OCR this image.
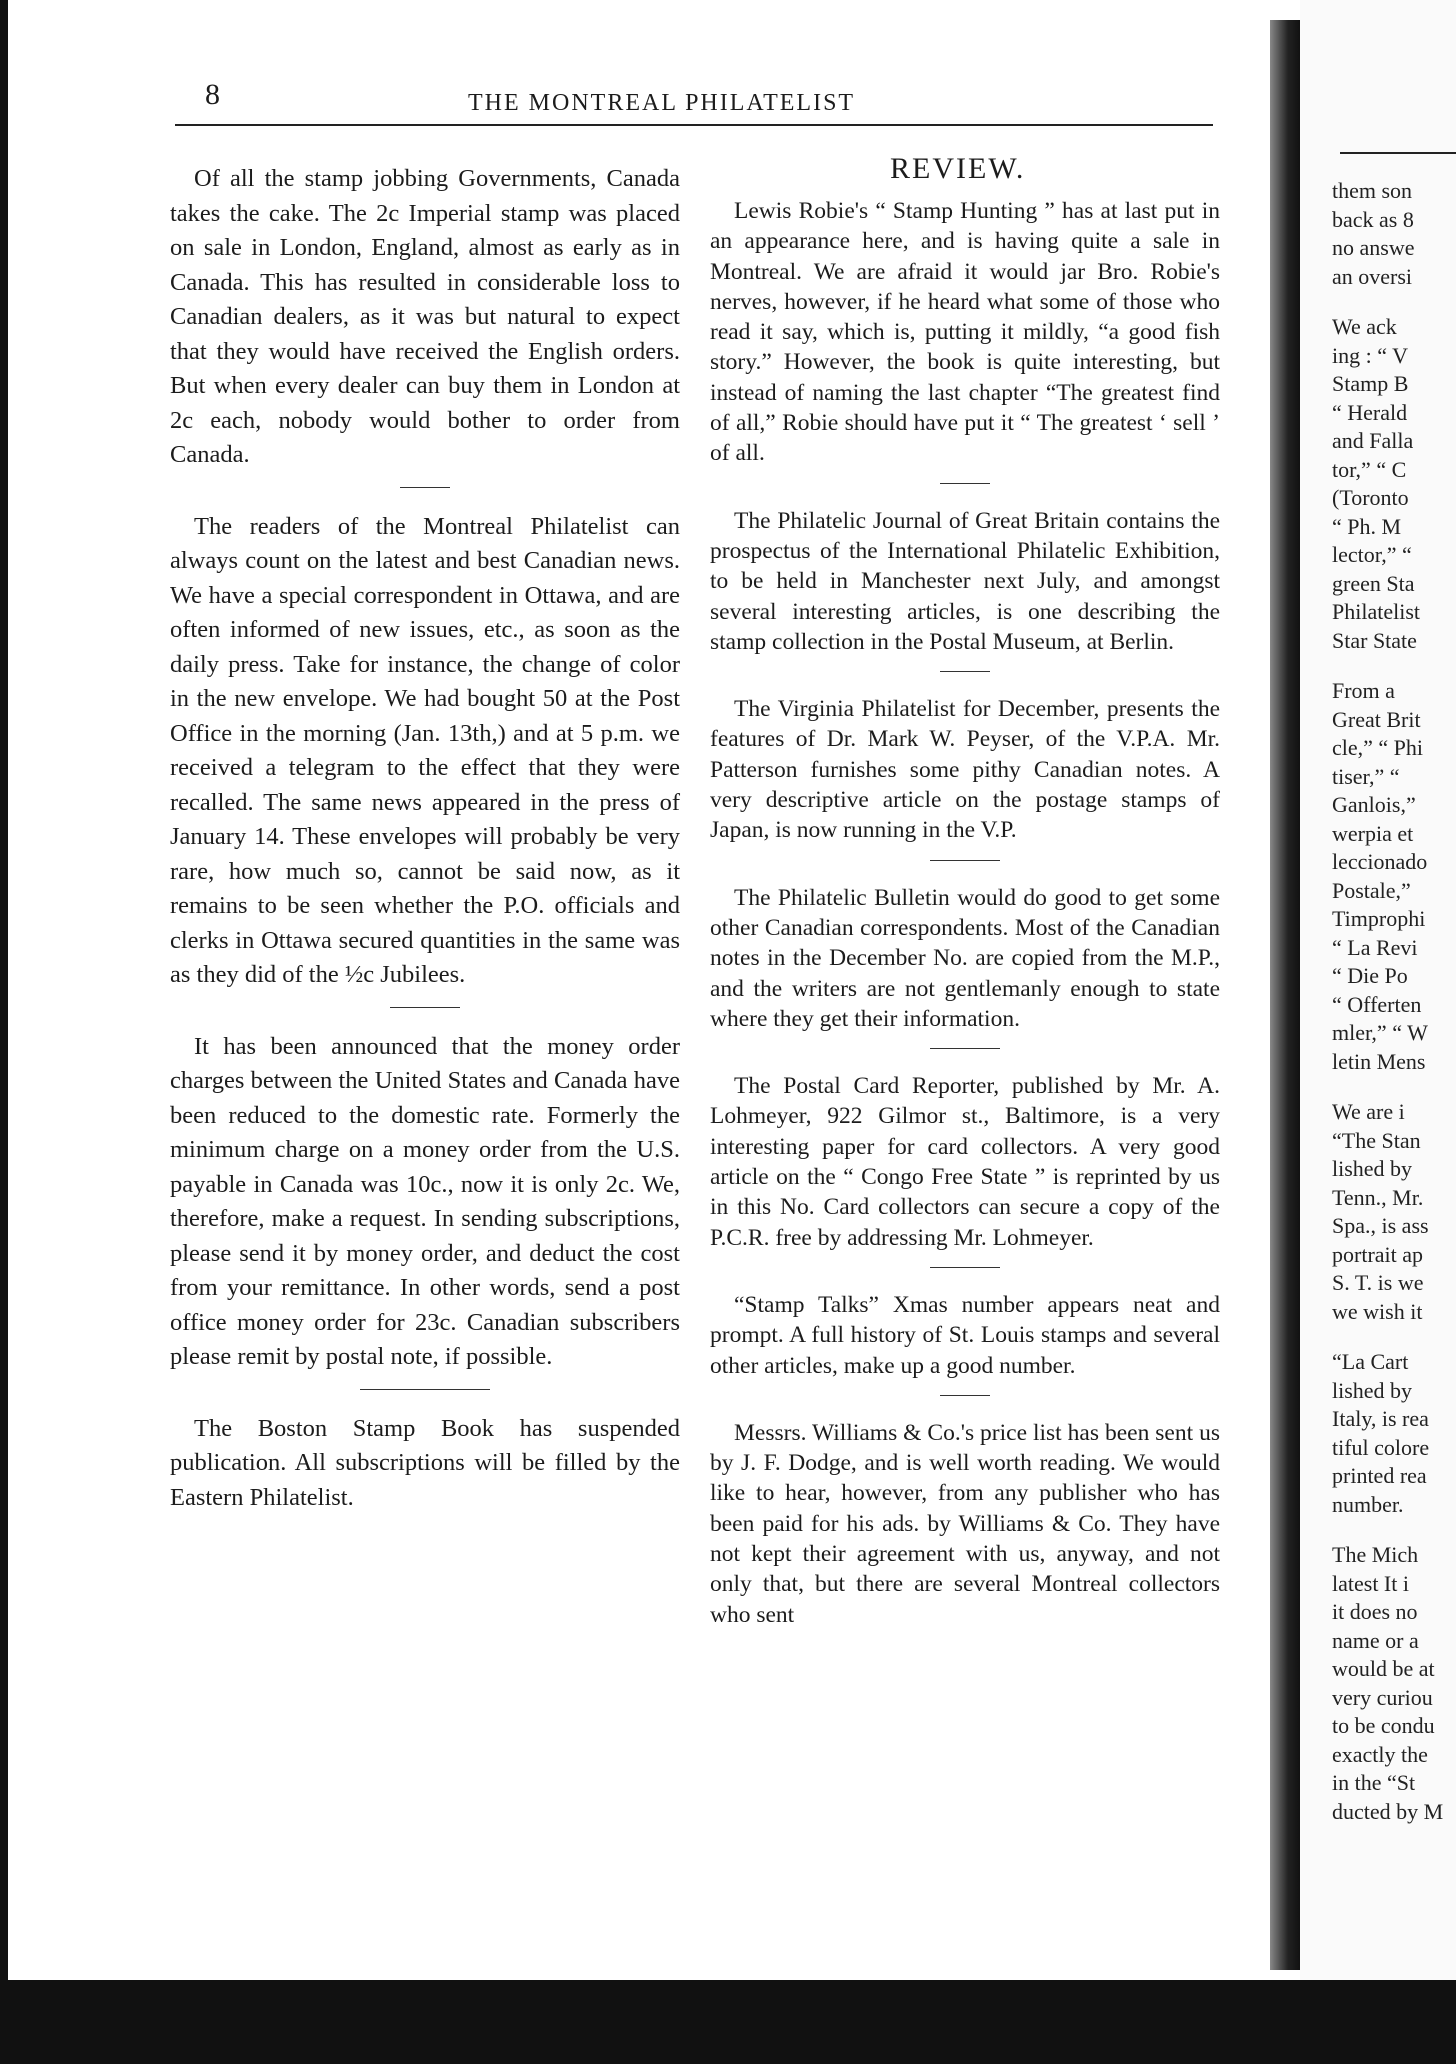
8	THE MONTREAL PHILATELIST

Of all the stamp jobbing Governments, Canada takes the cake. The 2c Imperial stamp was placed on sale in London, England, almost as early as in Canada. This has resulted in considerable loss to Canadian dealers, as it was but natural to expect that they would have received the English orders. But when every dealer can buy them in London at 2c each, nobody would bother to order from Canada.

The readers of the Montreal Philatelist can always count on the latest and best Canadian news. We have a special correspondent in Ottawa, and are often informed of new issues, etc., as soon as the daily press. Take for instance, the change of color in the new envelope. We had bought 50 at the Post Office in the morning (Jan. 13th,) and at 5 p.m. we received a telegram to the effect that they were recalled. The same news appeared in the press of January 14. These envelopes will probably be very rare, how much so, cannot be said now, as it remains to be seen whether the P.O. officials and clerks in Ottawa secured quantities in the same was as they did of the ½c Jubilees.

It has been announced that the money order charges between the United States and Canada have been reduced to the domestic rate. Formerly the minimum charge on a money order from the U.S. payable in Canada was 10c., now it is only 2c. We, therefore, make a request. In sending subscriptions, please send it by money order, and deduct the cost from your remittance. In other words, send a post office money order for 23c. Canadian subscribers please remit by postal note, if possible.

The Boston Stamp Book has suspended publication. All subscriptions will be filled by the Eastern Philatelist.

REVIEW.

Lewis Robie's “ Stamp Hunting ” has at last put in an appearance here, and is having quite a sale in Montreal. We are afraid it would jar Bro. Robie's nerves, however, if he heard what some of those who read it say, which is, putting it mildly, “a good fish story.” However, the book is quite interesting, but instead of naming the last chapter “The greatest find of all,” Robie should have put it “ The greatest ‘ sell ’ of all.

The Philatelic Journal of Great Britain contains the prospectus of the International Philatelic Exhibition, to be held in Manchester next July, and amongst several interesting articles, is one describing the stamp collection in the Postal Museum, at Berlin.

The Virginia Philatelist for December, presents the features of Dr. Mark W. Peyser, of the V.P.A. Mr. Patterson furnishes some pithy Canadian notes. A very descriptive article on the postage stamps of Japan, is now running in the V.P.

The Philatelic Bulletin would do good to get some other Canadian correspondents. Most of the Canadian notes in the December No. are copied from the M.P., and the writers are not gentlemanly enough to state where they get their information.

The Postal Card Reporter, published by Mr. A. Lohmeyer, 922 Gilmor st., Baltimore, is a very interesting paper for card collectors. A very good article on the “ Congo Free State ” is reprinted by us in this No. Card collectors can secure a copy of the P.C.R. free by addressing Mr. Lohmeyer.

“Stamp Talks” Xmas number appears neat and prompt. A full history of St. Louis stamps and several other articles, make up a good number.

Messrs. Williams & Co.'s price list has been sent us by J. F. Dodge, and is well worth reading. We would like to hear, however, from any publisher who has been paid for his ads. by Williams & Co. They have not kept their agreement with us, anyway, and not only that, but there are several Montreal collectors who sent

them son
back as 8
no answe
an oversi
We ack
ing : “ V
Stamp B
“ Herald
and Falla
tor,” “ C
(Toronto
“ Ph. M
lector,” “
green Sta
Philatelist
Star State
From a
Great Brit
cle,” “ Phi
tiser,” “
Ganlois,”
werpia et
leccionado
Postale,”
Timprophi
“ La Revi
“ Die Po
“ Offerten
mler,” “ W
letin Mens
We are i
“The Stan
lished by
Tenn., Mr.
Spa., is ass
portrait ap
S. T. is we
we wish it
“La Cart
lished by
Italy, is rea
tiful colore
printed rea
number.
The Mich
latest It i
it does no
name or a
would be at
very curiou
to be condu
exactly the
in the “St
ducted by M
